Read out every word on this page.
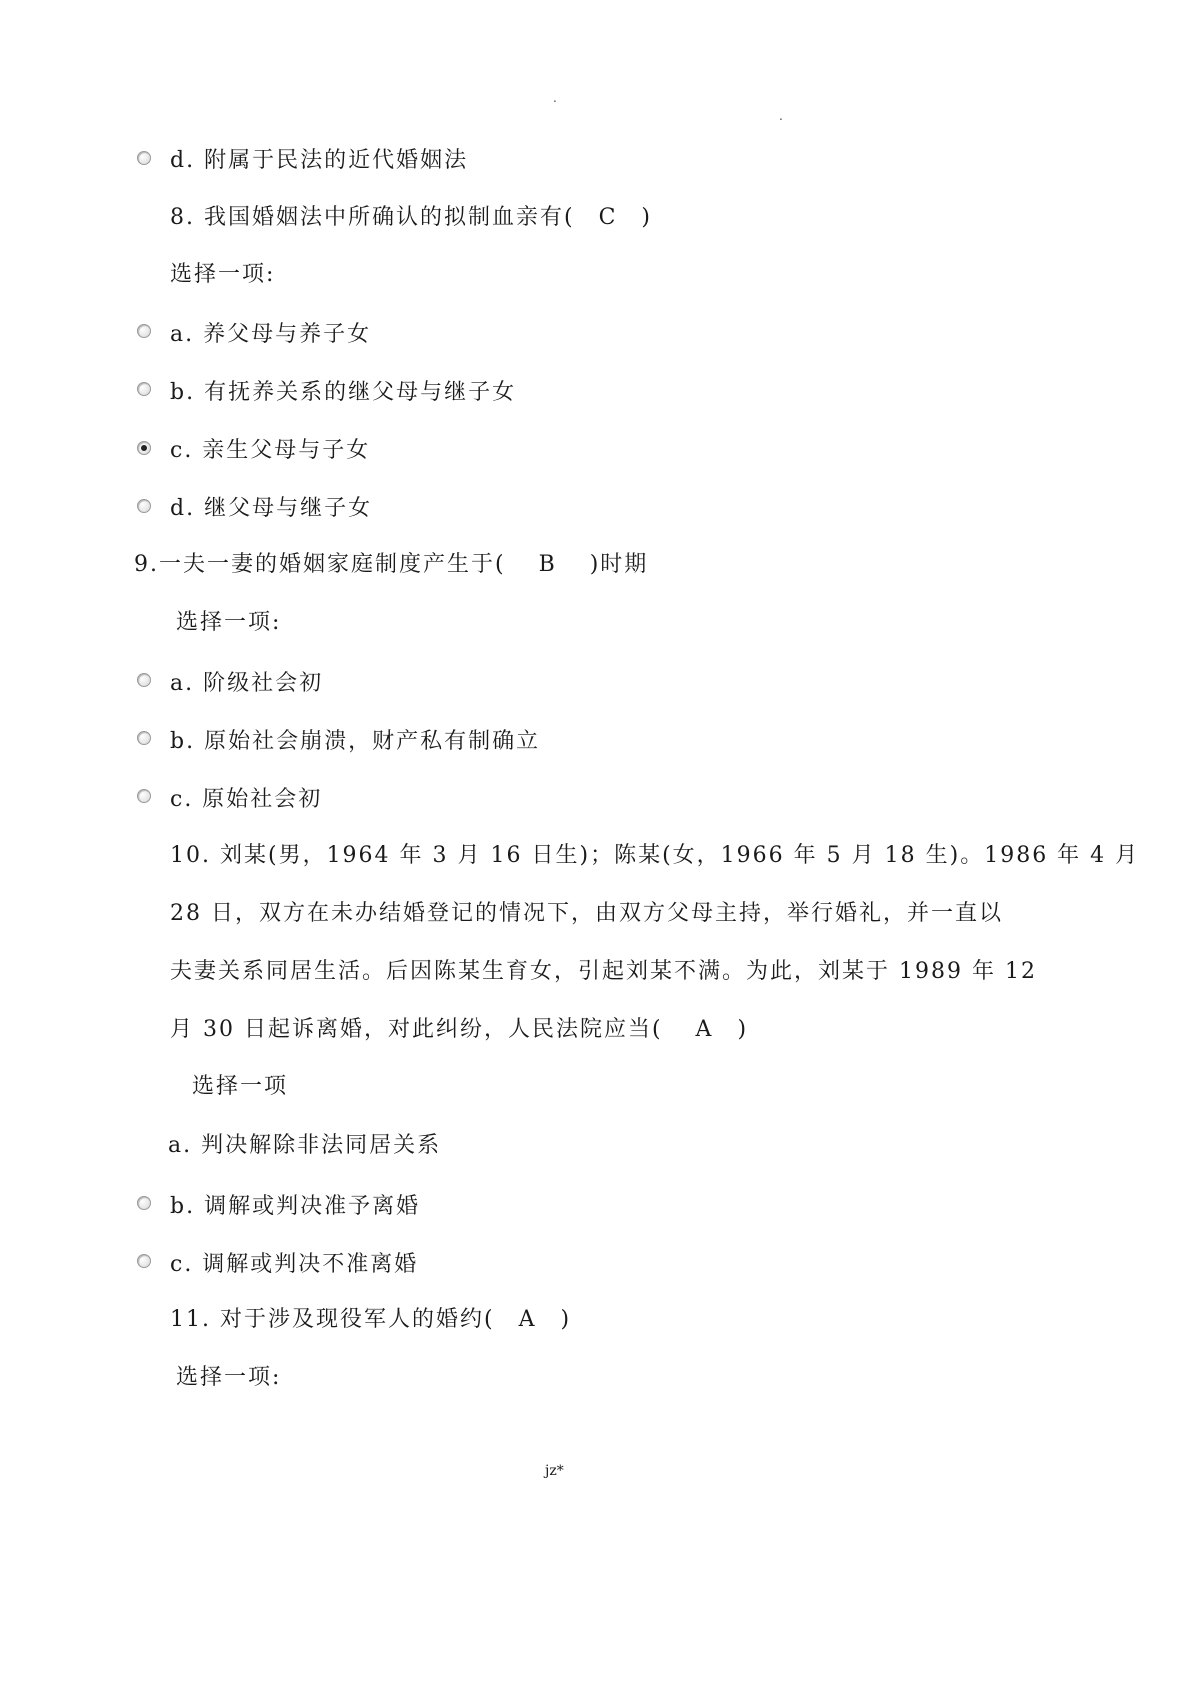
.
.
d. 附属于民法的近代婚姻法
8. 我国婚姻法中所确认的拟制血亲有(　C　)
选择一项:
a. 养父母与养子女
b. 有抚养关系的继父母与继子女
c. 亲生父母与子女
d. 继父母与继子女
9.一夫一妻的婚姻家庭制度产生于(　 B　 )时期
选择一项:
a. 阶级社会初
b. 原始社会崩溃，财产私有制确立
c. 原始社会初
10. 刘某(男，1964 年 3 月 16 日生)；陈某(女，1966 年 5 月 18 生)。1986 年 4 月
28 日，双方在未办结婚登记的情况下，由双方父母主持，举行婚礼，并一直以
夫妻关系同居生活。后因陈某生育女，引起刘某不满。为此，刘某于 1989 年 12
月 30 日起诉离婚，对此纠纷，人民法院应当(　 A　)
选择一项
a. 判决解除非法同居关系
b. 调解或判决准予离婚
c. 调解或判决不准离婚
11. 对于涉及现役军人的婚约(　A　)
选择一项:
jz*
